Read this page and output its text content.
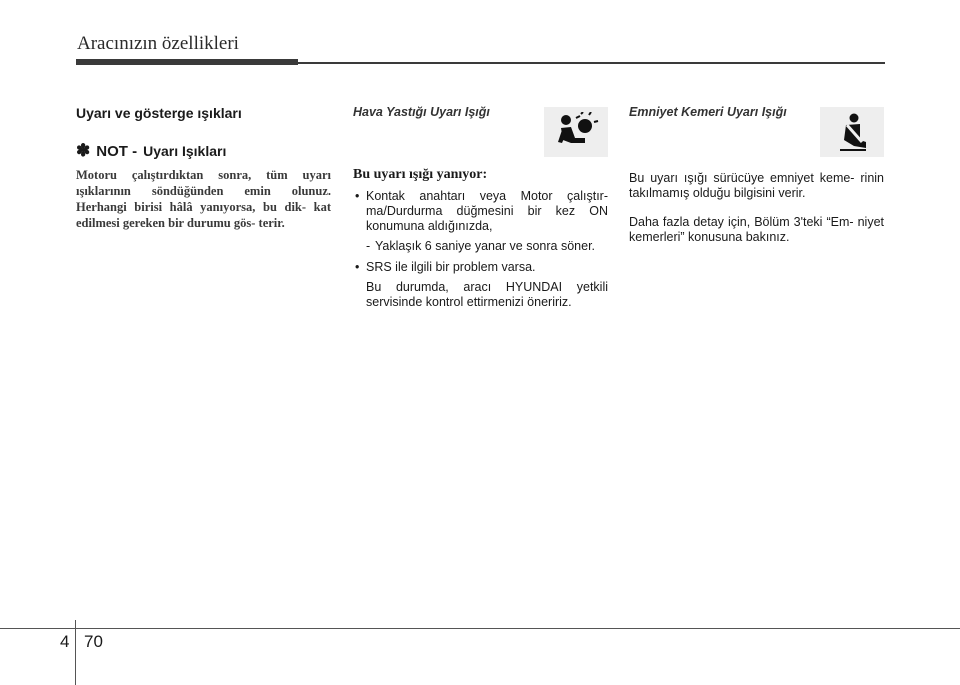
Aracınızın özellikleri
Uyarı ve gösterge ışıkları
✽ NOT - Uyarı Işıkları
Motoru çalıştırdıktan sonra, tüm uyarı ışıklarının söndüğünden emin olunuz. Herhangi birisi hâlâ yanıyorsa, bu dik- kat edilmesi gereken bir durumu gös- terir.
Hava Yastığı Uyarı Işığı
Bu uyarı ışığı yanıyor:
• Kontak anahtarı veya Motor çalıştır- ma/Durdurma düğmesini bir kez ON konumuna aldığınızda,
- Yaklaşık 6 saniye yanar ve sonra söner.
• SRS ile ilgili bir problem varsa.
Bu durumda, aracı HYUNDAI yetkili servisinde kontrol ettirmenizi öneririz.
Emniyet Kemeri Uyarı Işığı
Bu uyarı ışığı sürücüye emniyet keme- rinin takılmamış olduğu bilgisini verir.
Daha fazla detay için, Bölüm 3'teki “Em- niyet kemerleri” konusuna bakınız.
4 70
